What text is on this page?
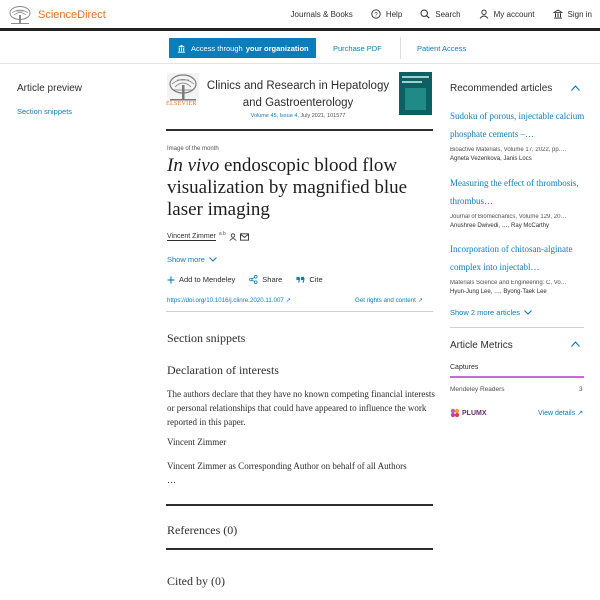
ScienceDirect	Journals & Books	? Help	Search	My account	Sign in
Access through your organization	Purchase PDF	Patient Access
Article preview
Section snippets
ELSEVIER
Clinics and Research in Hepatology and Gastroenterology
Volume 45, Issue 4, July 2021, 101577
Image of the month
In vivo endoscopic blood flow visualization by magnified blue laser imaging
Vincent Zimmer a b
Show more
Add to Mendeley	Share	Cite
https://doi.org/10.1016/j.clinre.2020.11.007 ↗	Get rights and content ↗
Section snippets
Declaration of interests
The authors declare that they have no known competing financial interests or personal relationships that could have appeared to influence the work reported in this paper.
Vincent Zimmer
Vincent Zimmer as Corresponding Author on behalf of all Authors
…
References (0)
Cited by (0)
Recommended articles
Sudoku of porous, injectable calcium phosphate cements –…
Bioactive Materials, Volume 17, 2022, pp.…
Agneta Vezenkova, Janis Locs
Measuring the effect of thrombosis, thrombus…
Journal of Biomechanics, Volume 129, 20…
Anushree Dwivedi, …, Ray McCarthy
Incorporation of chitosan-alginate complex into injectabl…
Materials Science and Engineering: C, Vo…
Hyun-Jung Lee, …, Byong-Taek Lee
Show 2 more articles
Article Metrics
Captures
Mendeley Readers	3
PLUMX	View details ↗
